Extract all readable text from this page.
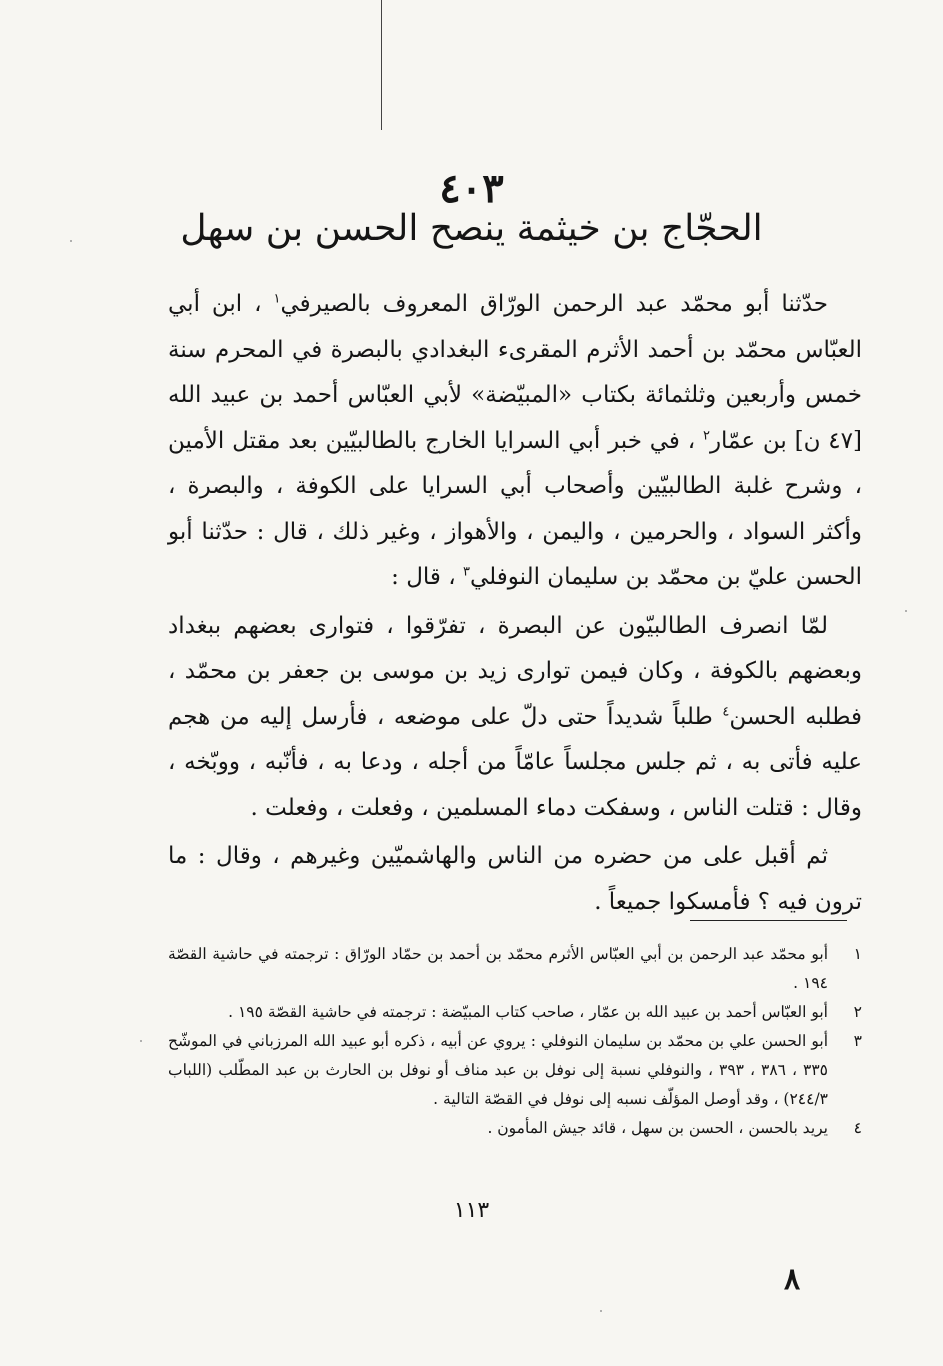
٤٠٣
الحجّاج بن خيثمة ينصح الحسن بن سهل

حدّثنا أبو محمّد عبد الرحمن الورّاق المعروف بالصيرفي$^١$ ، ابن أبي العبّاس محمّد بن أحمد الأثرم المقرىء البغدادي بالبصرة في المحرم سنة خمس وأربعين وثلثمائة بكتاب «المبيّضة» لأبي العبّاس أحمد بن عبيد الله [٤٧ ن] بن عمّار$^٢$ ، في خبر أبي السرايا الخارج بالطالبيّين بعد مقتل الأمين ، وشرح غلبة الطالبيّين وأصحاب أبي السرايا على الكوفة ، والبصرة ، وأكثر السواد ، والحرمين ، واليمن ، والأهواز ، وغير ذلك ، قال : حدّثنا أبو الحسن عليّ بن محمّد بن سليمان النوفلي$^٣$ ، قال :

لمّا انصرف الطالبيّون عن البصرة ، تفرّقوا ، فتوارى بعضهم ببغداد وبعضهم بالكوفة ، وكان فيمن توارى زيد بن موسى بن جعفر بن محمّد ، فطلبه الحسن$^٤$ طلباً شديداً حتى دلّ على موضعه ، فأرسل إليه من هجم عليه فأتى به ، ثم جلس مجلساً عامّاً من أجله ، ودعا به ، فأنّبه ، ووبّخه ، وقال : قتلت الناس ، وسفكت دماء المسلمين ، وفعلت ، وفعلت .

ثم أقبل على من حضره من الناس والهاشميّين وغيرهم ، وقال : ما ترون فيه ؟ فأمسكوا جميعاً .

١
أبو محمّد عبد الرحمن بن أبي العبّاس الأثرم محمّد بن أحمد بن حمّاد الورّاق : ترجمته في حاشية القصّة ١٩٤ .
٢
أبو العبّاس أحمد بن عبيد الله بن عمّار ، صاحب كتاب المبيّضة : ترجمته في حاشية القصّة ١٩٥ .
٣
أبو الحسن علي بن محمّد بن سليمان النوفلي : يروي عن أبيه ، ذكره أبو عبيد الله المرزباني في الموشّح ٣٣٥ ، ٣٨٦ ، ٣٩٣ ، والنوفلي نسبة إلى نوفل بن عبد مناف أو نوفل بن الحارث بن عبد المطّلب (اللباب ٢٤٤/٣) ، وقد أوصل المؤلّف نسبه إلى نوفل في القصّة التالية .
٤
يريد بالحسن ، الحسن بن سهل ، قائد جيش المأمون .
١١٣
٨
